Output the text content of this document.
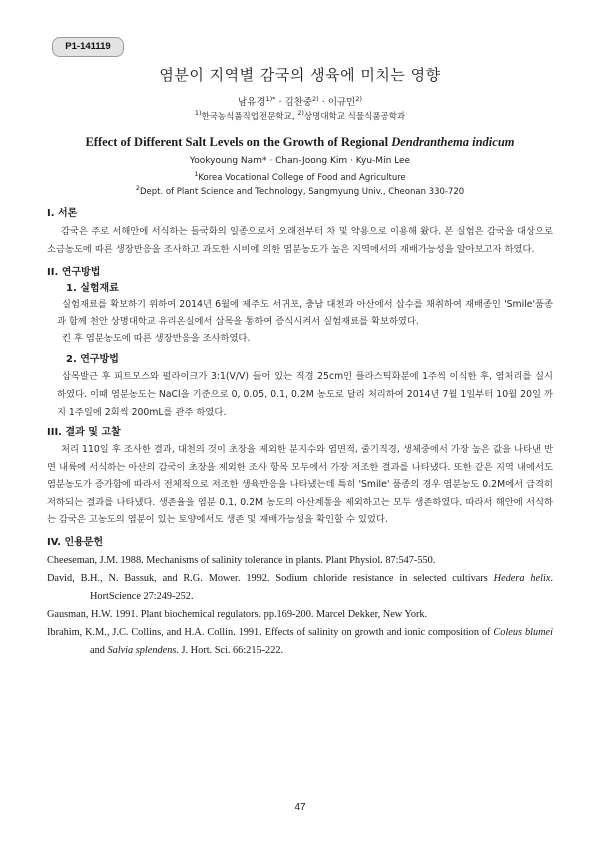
P1-141119
염분이 지역별 감국의 생육에 미치는 영향
남유경$^{1)*}$ · 김찬중$^{2)}$ · 이규민$^{2)}$
$^{1)}$한국농식품직업전문학교, $^{2)}$상명대학교 식물식품공학과
Effect of Different Salt Levels on the Growth of Regional Dendranthema indicum
Yookyoung Nam* · Chan-Joong Kim · Kyu-Min Lee
$^1$Korea Vocational College of Food and Agriculture
$^2$Dept. of Plant Science and Technology, Sangmyung Univ., Cheonan 330-720
I. 서론

감국은 주로 서해안에 서식하는 들국화의 일종으로서 오래전부터 차 및 약용으로 이용해 왔다. 본 실험은 감국을 대상으로 소금농도에 따른 생장반응을 조사하고 과도한 시비에 의한 염분농도가 높은 지역에서의 재배가능성을 알아보고자 하였다.

II. 연구방법
1. 실험재료

실험재료를 확보하기 위하여 2014년 6월에 제주도 서귀포, 충남 대천과 아산에서 삽수를 채취하여 재배종인 'Smile'품종과 함께 천안 상명대학교 유리온실에서 삽목을 통하여 증식시켜서 실험재료를 확보하였다.

킨 후 염분농도에 따른 생장반응을 조사하였다.

2. 연구방법

삽목발근 후 피트모스와 펄라이크가 3:1(V/V) 들어 있는 직경 25cm인 플라스틱화분에 1주씩 이식한 후, 염처리를 실시하였다. 이때 염분농도는 NaCl을 기준으로 0, 0.05, 0.1, 0.2M 농도로 달리 처리하여 2014년 7월 1일부터 10월 20일 까지 1주일에 2회씩 200mL를 관주 하였다.

III. 결과 및 고찰

처리 110일 후 조사한 결과, 대천의 것이 초장을 제외한 분지수와 엽면적, 줄기직경, 생체중에서 가장 높은 값을 나타낸 반면 내륙에 서식하는 아산의 감국이 초장을 제외한 조사 항목 모두에서 가장 저조한 결과를 나타냈다. 또한 같은 지역 내에서도 염분농도가 증가함에 따라서 전체적으로 저조한 생육반응을 나타냈는데 특히 'Smile' 품종의 경우 염분농도 0.2M에서 급격히 저하되는 결과를 나타냈다. 생존율을 염분 0.1, 0.2M 농도의 아산계통을 제외하고는 모두 생존하였다. 따라서 해안에 서식하는 감국은 고농도의 염분이 있는 토양에서도 생존 및 재배가능성을 확인할 수 있었다.

IV. 인용문헌
Cheeseman, J.M. 1988. Mechanisms of salinity tolerance in plants. Plant Physiol. 87:547-550.
David, B.H., N. Bassuk, and R.G. Mower. 1992. Sodium chloride resistance in selected cultivars Hedera helix. HortScience 27:249-252.
Gausman, H.W. 1991. Plant biochemical regulators. pp.169-200. Marcel Dekker, New York.
Ibrahim, K.M., J.C. Collins, and H.A. Collin. 1991. Effects of salinity on growth and ionic composition of Coleus blumei and Salvia splendens. J. Hort. Sci. 66:215-222.
47
